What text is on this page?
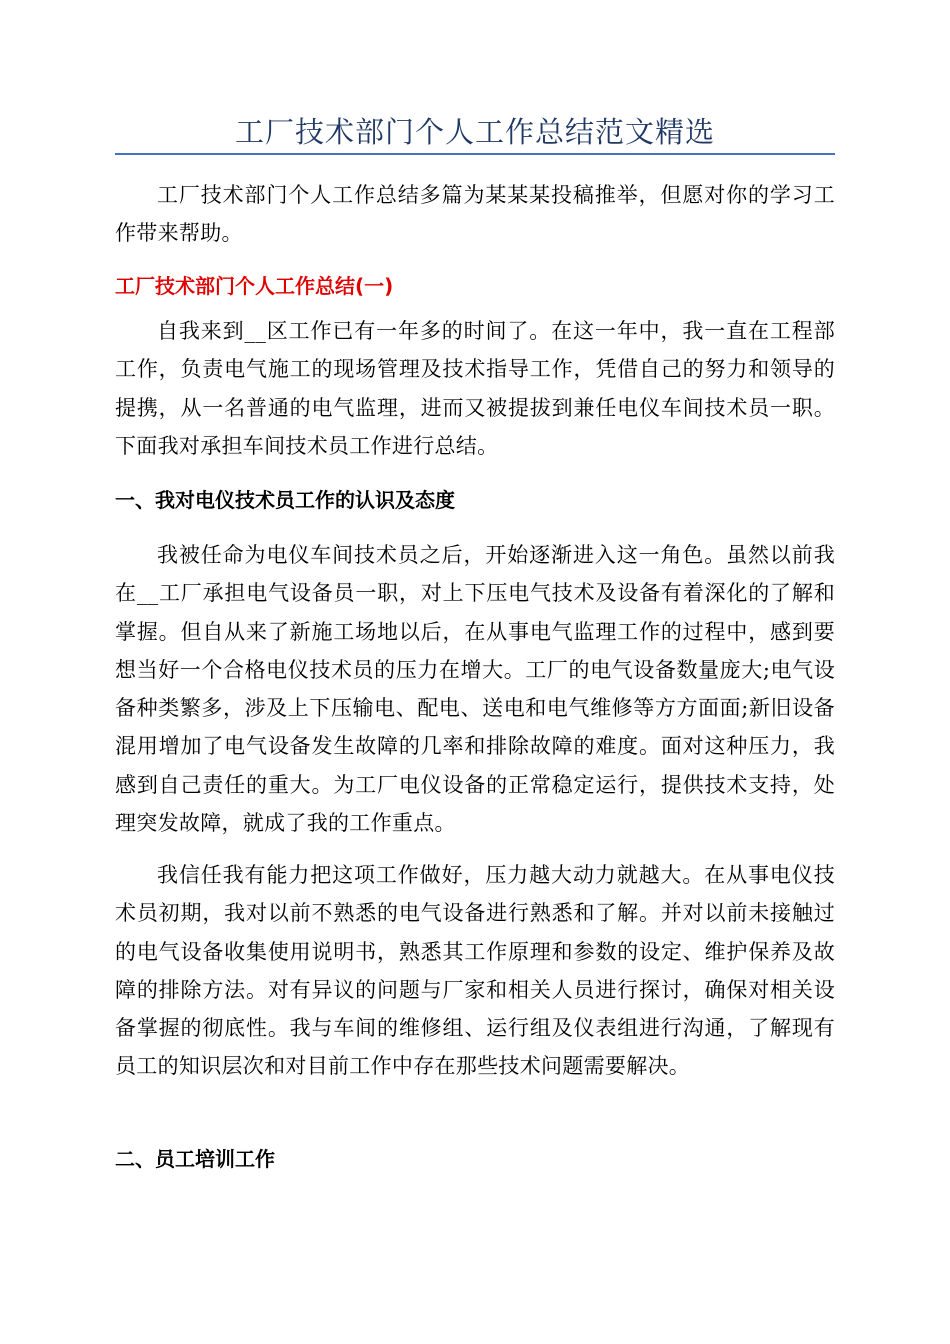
工厂技术部门个人工作总结范文精选

工厂技术部门个人工作总结多篇为某某某投稿推举，但愿对你的学习工作带来帮助。

工厂技术部门个人工作总结(一)

自我来到__区工作已有一年多的时间了。在这一年中，我一直在工程部工作，负责电气施工的现场管理及技术指导工作，凭借自己的努力和领导的提携，从一名普通的电气监理，进而又被提拔到兼任电仪车间技术员一职。下面我对承担车间技术员工作进行总结。

一、我对电仪技术员工作的认识及态度

我被任命为电仪车间技术员之后，开始逐渐进入这一角色。虽然以前我在__工厂承担电气设备员一职，对上下压电气技术及设备有着深化的了解和掌握。但自从来了新施工场地以后，在从事电气监理工作的过程中，感到要想当好一个合格电仪技术员的压力在增大。工厂的电气设备数量庞大;电气设备种类繁多，涉及上下压输电、配电、送电和电气维修等方方面面;新旧设备混用增加了电气设备发生故障的几率和排除故障的难度。面对这种压力，我感到自己责任的重大。为工厂电仪设备的正常稳定运行，提供技术支持，处理突发故障，就成了我的工作重点。

我信任我有能力把这项工作做好，压力越大动力就越大。在从事电仪技术员初期，我对以前不熟悉的电气设备进行熟悉和了解。并对以前未接触过的电气设备收集使用说明书，熟悉其工作原理和参数的设定、维护保养及故障的排除方法。对有异议的问题与厂家和相关人员进行探讨，确保对相关设备掌握的彻底性。我与车间的维修组、运行组及仪表组进行沟通，了解现有员工的知识层次和对目前工作中存在那些技术问题需要解决。

二、员工培训工作
